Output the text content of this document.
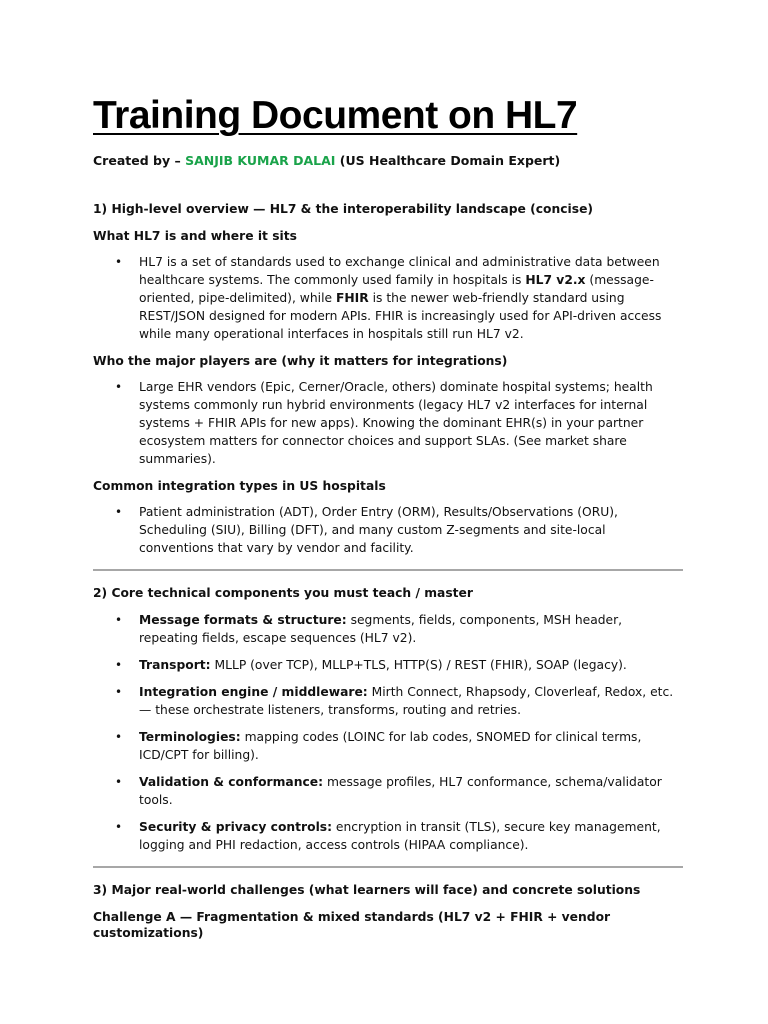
Training Document on HL7
Created by – SANJIB KUMAR DALAI (US Healthcare Domain Expert)
1) High-level overview — HL7 & the interoperability landscape (concise)
What HL7 is and where it sits
• HL7 is a set of standards used to exchange clinical and administrative data between healthcare systems. The commonly used family in hospitals is HL7 v2.x (message-oriented, pipe-delimited), while FHIR is the newer web-friendly standard using REST/JSON designed for modern APIs. FHIR is increasingly used for API-driven access while many operational interfaces in hospitals still run HL7 v2.
Who the major players are (why it matters for integrations)
• Large EHR vendors (Epic, Cerner/Oracle, others) dominate hospital systems; health systems commonly run hybrid environments (legacy HL7 v2 interfaces for internal systems + FHIR APIs for new apps). Knowing the dominant EHR(s) in your partner ecosystem matters for connector choices and support SLAs. (See market share summaries).
Common integration types in US hospitals
• Patient administration (ADT), Order Entry (ORM), Results/Observations (ORU), Scheduling (SIU), Billing (DFT), and many custom Z-segments and site-local conventions that vary by vendor and facility.
2) Core technical components you must teach / master
• Message formats & structure: segments, fields, components, MSH header, repeating fields, escape sequences (HL7 v2).
• Transport: MLLP (over TCP), MLLP+TLS, HTTP(S) / REST (FHIR), SOAP (legacy).
• Integration engine / middleware: Mirth Connect, Rhapsody, Cloverleaf, Redox, etc. — these orchestrate listeners, transforms, routing and retries.
• Terminologies: mapping codes (LOINC for lab codes, SNOMED for clinical terms, ICD/CPT for billing).
• Validation & conformance: message profiles, HL7 conformance, schema/validator tools.
• Security & privacy controls: encryption in transit (TLS), secure key management, logging and PHI redaction, access controls (HIPAA compliance).
3) Major real-world challenges (what learners will face) and concrete solutions
Challenge A — Fragmentation & mixed standards (HL7 v2 + FHIR + vendor customizations)
